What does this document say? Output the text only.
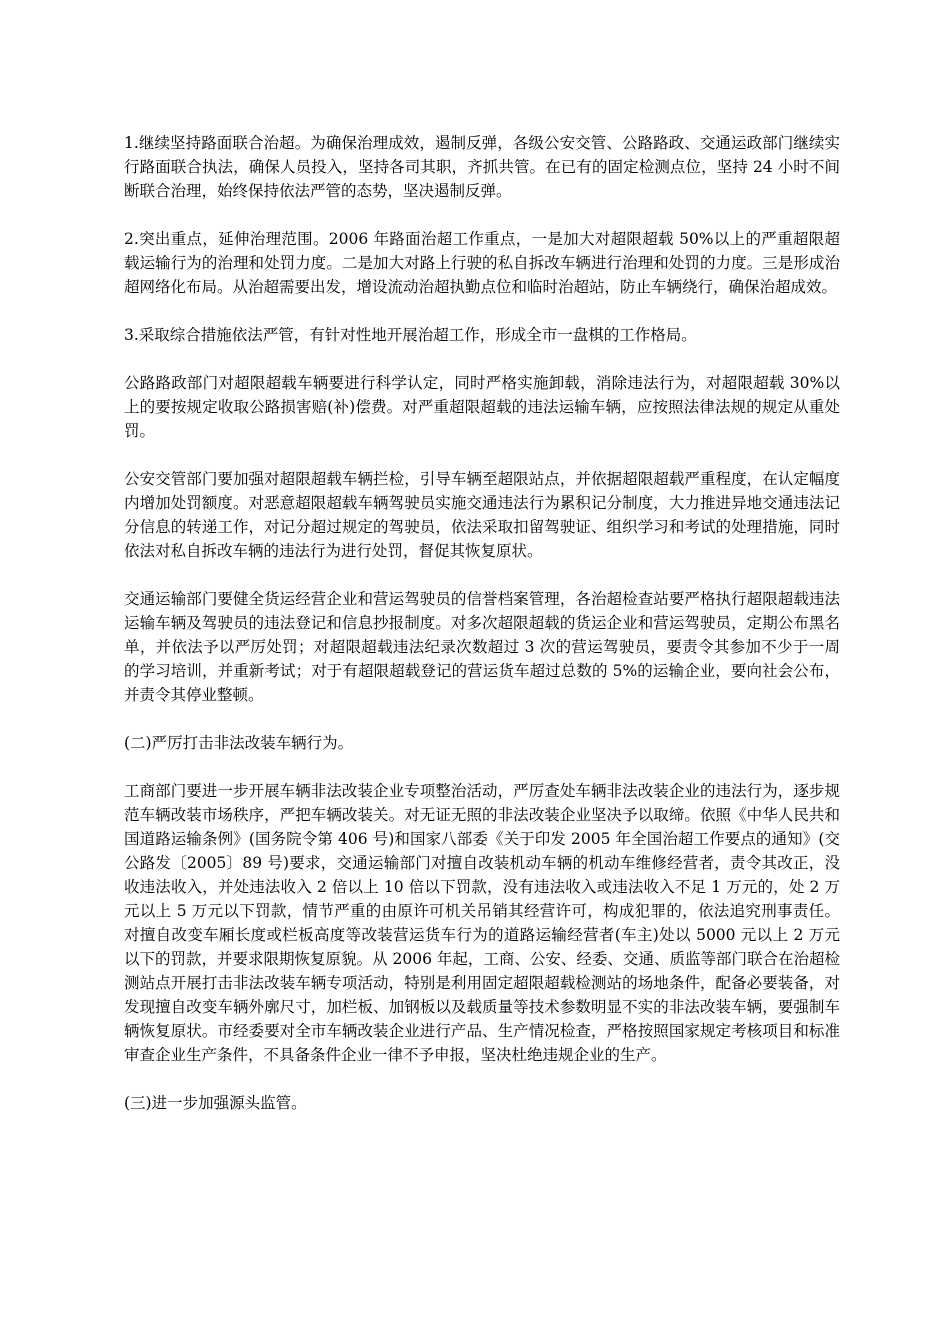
1.继续坚持路面联合治超。为确保治理成效，遏制反弹，各级公安交管、公路路政、交通运政部门继续实行路面联合执法，确保人员投入，坚持各司其职，齐抓共管。在已有的固定检测点位，坚持 24 小时不间断联合治理，始终保持依法严管的态势，坚决遏制反弹。

2.突出重点，延伸治理范围。2006 年路面治超工作重点，一是加大对超限超载 50%以上的严重超限超载运输行为的治理和处罚力度。二是加大对路上行驶的私自拆改车辆进行治理和处罚的力度。三是形成治超网络化布局。从治超需要出发，增设流动治超执勤点位和临时治超站，防止车辆绕行，确保治超成效。

3.采取综合措施依法严管，有针对性地开展治超工作，形成全市一盘棋的工作格局。

公路路政部门对超限超载车辆要进行科学认定，同时严格实施卸载，消除违法行为，对超限超载 30%以上的要按规定收取公路损害赔(补)偿费。对严重超限超载的违法运输车辆，应按照法律法规的规定从重处罚。

公安交管部门要加强对超限超载车辆拦检，引导车辆至超限站点，并依据超限超载严重程度，在认定幅度内增加处罚额度。对恶意超限超载车辆驾驶员实施交通违法行为累积记分制度，大力推进异地交通违法记分信息的转递工作，对记分超过规定的驾驶员，依法采取扣留驾驶证、组织学习和考试的处理措施，同时依法对私自拆改车辆的违法行为进行处罚，督促其恢复原状。

交通运输部门要健全货运经营企业和营运驾驶员的信誉档案管理，各治超检查站要严格执行超限超载违法运输车辆及驾驶员的违法登记和信息抄报制度。对多次超限超载的货运企业和营运驾驶员，定期公布黑名单，并依法予以严厉处罚；对超限超载违法纪录次数超过 3 次的营运驾驶员，要责令其参加不少于一周的学习培训，并重新考试；对于有超限超载登记的营运货车超过总数的 5%的运输企业，要向社会公布，并责令其停业整顿。

(二)严厉打击非法改装车辆行为。

工商部门要进一步开展车辆非法改装企业专项整治活动，严厉查处车辆非法改装企业的违法行为，逐步规范车辆改装市场秩序，严把车辆改装关。对无证无照的非法改装企业坚决予以取缔。依照《中华人民共和国道路运输条例》(国务院令第 406 号)和国家八部委《关于印发 2005 年全国治超工作要点的通知》(交公路发〔2005〕89 号)要求，交通运输部门对擅自改装机动车辆的机动车维修经营者，责令其改正，没收违法收入，并处违法收入 2 倍以上 10 倍以下罚款，没有违法收入或违法收入不足 1 万元的，处 2 万元以上 5 万元以下罚款，情节严重的由原许可机关吊销其经营许可，构成犯罪的，依法追究刑事责任。对擅自改变车厢长度或栏板高度等改装营运货车行为的道路运输经营者(车主)处以 5000 元以上 2 万元以下的罚款，并要求限期恢复原貌。从 2006 年起，工商、公安、经委、交通、质监等部门联合在治超检测站点开展打击非法改装车辆专项活动，特别是利用固定超限超载检测站的场地条件，配备必要装备，对发现擅自改变车辆外廓尺寸，加栏板、加钢板以及载质量等技术参数明显不实的非法改装车辆，要强制车辆恢复原状。市经委要对全市车辆改装企业进行产品、生产情况检查，严格按照国家规定考核项目和标准审查企业生产条件，不具备条件企业一律不予申报，坚决杜绝违规企业的生产。

(三)进一步加强源头监管。
